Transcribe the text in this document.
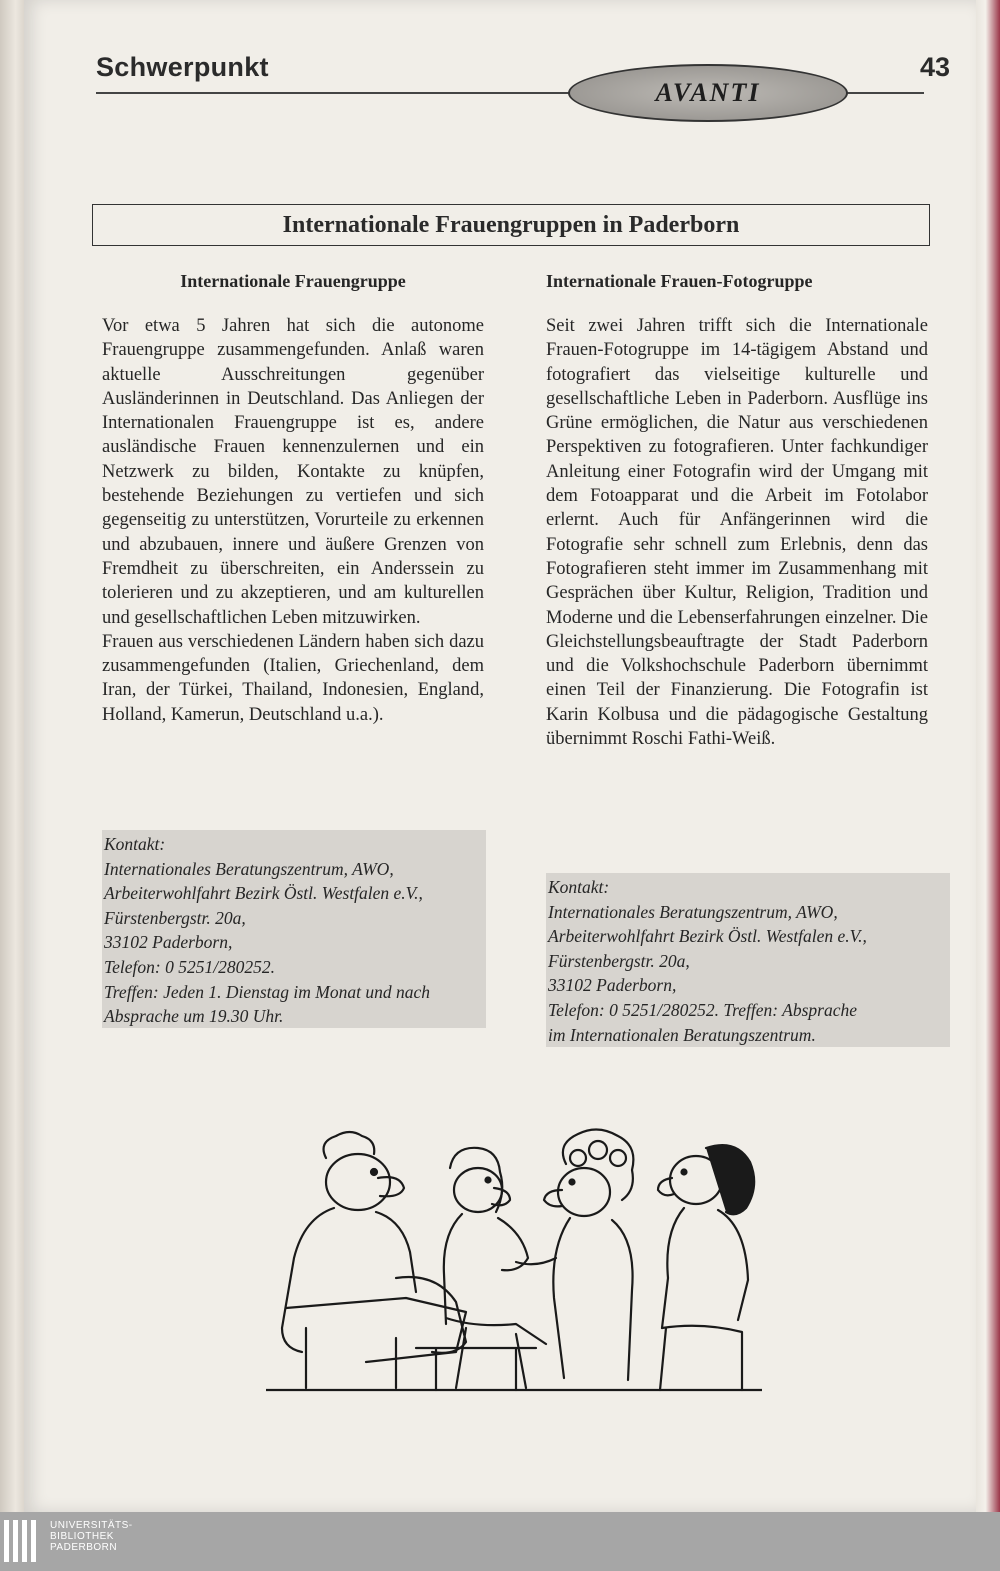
Schwerpunkt
AVANTI
43
Internationale Frauengruppen in Paderborn
Internationale Frauengruppe

Vor etwa 5 Jahren hat sich die autonome Frauengruppe zusammengefunden. Anlaß waren aktuelle Ausschreitungen gegenüber Ausländerinnen in Deutschland. Das Anliegen der Internationalen Frauengruppe ist es, andere ausländische Frauen kennenzulernen und ein Netzwerk zu bilden, Kontakte zu knüpfen, bestehende Beziehungen zu vertiefen und sich gegenseitig zu unterstützen, Vorurteile zu erkennen und abzubauen, innere und äußere Grenzen von Fremdheit zu überschreiten, ein Anderssein zu tolerieren und zu akzeptieren, und am kulturellen und gesellschaftlichen Leben mitzuwirken.

Frauen aus verschiedenen Ländern haben sich dazu zusammengefunden (Italien, Griechenland, dem Iran, der Türkei, Thailand, Indonesien, England, Holland, Kamerun, Deutschland u.a.).

Kontakt:
Internationales Beratungszentrum, AWO,
Arbeiterwohlfahrt Bezirk Östl. Westfalen e.V.,
Fürstenbergstr. 20a,
33102 Paderborn,
Telefon: 0 5251/280252.
Treffen: Jeden 1. Dienstag im Monat und nach
Absprache um 19.30 Uhr.
Internationale Frauen-Fotogruppe

Seit zwei Jahren trifft sich die Internationale Frauen-Fotogruppe im 14-tägigem Abstand und fotografiert das vielseitige kulturelle und gesellschaftliche Leben in Paderborn. Ausflüge ins Grüne ermöglichen, die Natur aus verschiedenen Perspektiven zu fotografieren. Unter fachkundiger Anleitung einer Fotografin wird der Umgang mit dem Fotoapparat und die Arbeit im Fotolabor erlernt. Auch für Anfängerinnen wird die Fotografie sehr schnell zum Erlebnis, denn das Fotografieren steht immer im Zusammenhang mit Gesprächen über Kultur, Religion, Tradition und Moderne und die Lebenserfahrungen einzelner. Die Gleichstellungsbeauftragte der Stadt Paderborn und die Volkshochschule Paderborn übernimmt einen Teil der Finanzierung. Die Fotografin ist Karin Kolbusa und die pädagogische Gestaltung übernimmt Roschi Fathi-Weiß.

Kontakt:
Internationales Beratungszentrum, AWO,
Arbeiterwohlfahrt Bezirk Östl. Westfalen e.V.,
Fürstenbergstr. 20a,
33102 Paderborn,
Telefon: 0 5251/280252. Treffen: Absprache
im Internationalen Beratungszentrum.
UNIVERSITÄTS-
BIBLIOTHEK
PADERBORN
